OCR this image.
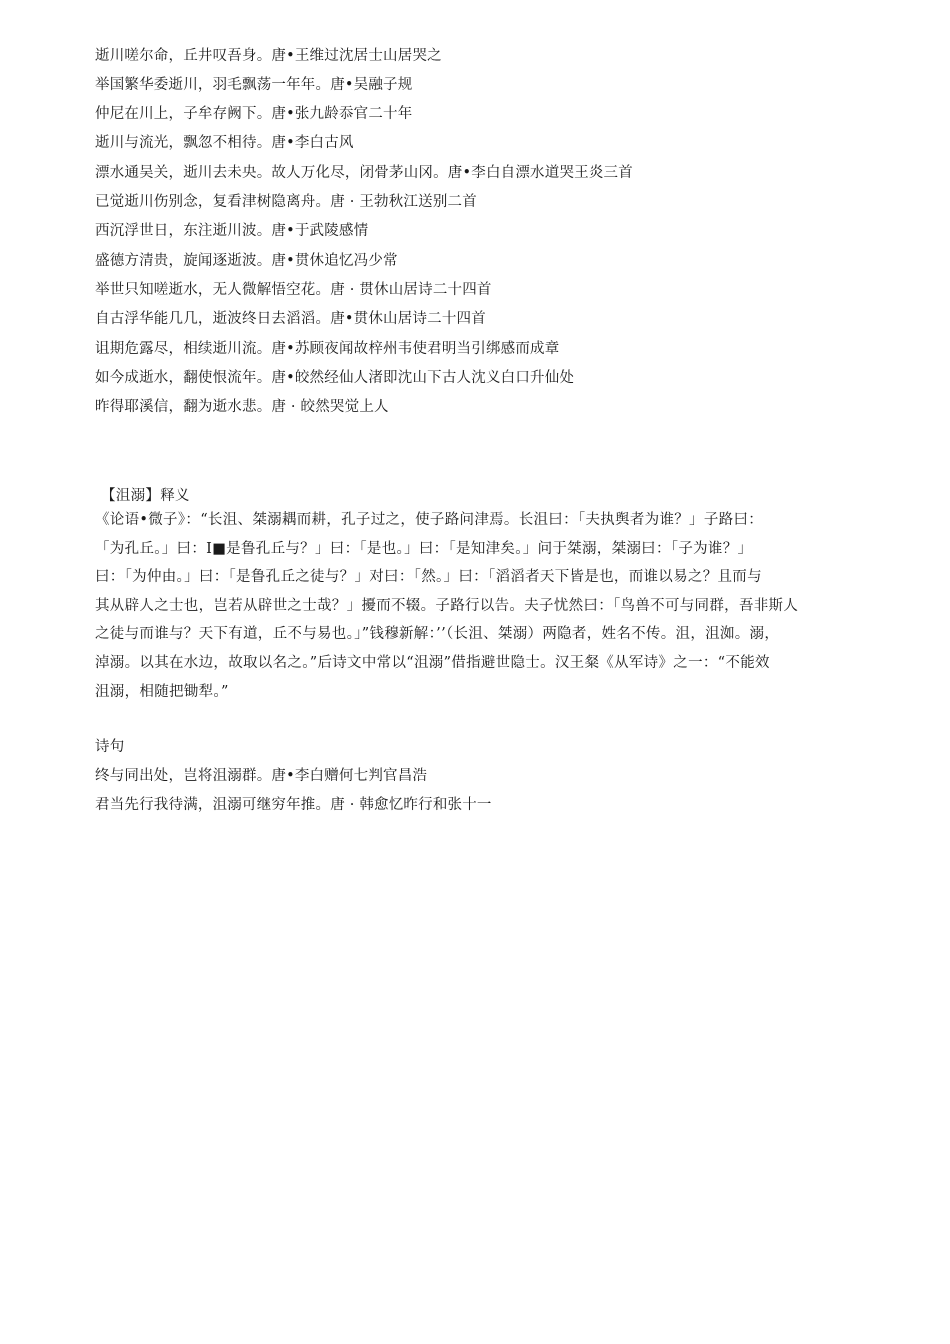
逝川嗟尔命，丘井叹吾身。唐•王维过沈居士山居哭之
举国繁华委逝川，羽毛飘荡一年年。唐•吴融子规
仲尼在川上，子牟存阙下。唐•张九龄忝官二十年
逝川与流光，飘忽不相待。唐•李白古风
漂水通吴关，逝川去未央。故人万化尽，闭骨茅山冈。唐•李白自漂水道哭王炎三首
已觉逝川伤别念，复看津树隐离舟。唐 · 王勃秋江送别二首
西沉浮世日，东注逝川波。唐•于武陵感情
盛德方清贵，旋闻逐逝波。唐•贯休追忆冯少常
举世只知嗟逝水，无人微解悟空花。唐 · 贯休山居诗二十四首
自古浮华能几几，逝波终日去滔滔。唐•贯休山居诗二十四首
诅期危露尽，相续逝川流。唐•苏顾夜闻故梓州韦使君明当引绑感而成章
如今成逝水，翻使恨流年。唐•皎然经仙人渚即沈山下古人沈义白口升仙处
昨得耶溪信，翻为逝水悲。唐 · 皎然哭觉上人
【沮溺】释义
《论语•微子》：“长沮、桀溺耦而耕，孔子过之，使子路问津焉。长沮曰：「夫执舆者为谁？」子路曰：
「为孔丘。」曰：I■是鲁孔丘与？」曰：「是也。」曰：「是知津矣。」问于桀溺，桀溺曰：「子为谁？」
曰：「为仲由。」曰：「是鲁孔丘之徒与？」对曰：「然。」曰：「滔滔者天下皆是也，而谁以易之？且而与
其从辟人之士也，岂若从辟世之士哉？」擾而不辍。子路行以告。夫子忧然曰：「鸟兽不可与同群，吾非斯人
之徒与而谁与？天下有道，丘不与易也。」”钱穆新解：’’（长沮、桀溺）两隐者，姓名不传。沮，沮洳。溺，
淖溺。以其在水边，故取以名之。”后诗文中常以“沮溺”借指避世隐士。汉王粲《从军诗》之一：“不能效
沮溺，相随把锄犁。”
诗句
终与同出处，岂将沮溺群。唐•李白赠何七判官昌浩
君当先行我待满，沮溺可继穷年推。唐 · 韩愈忆昨行和张十一
